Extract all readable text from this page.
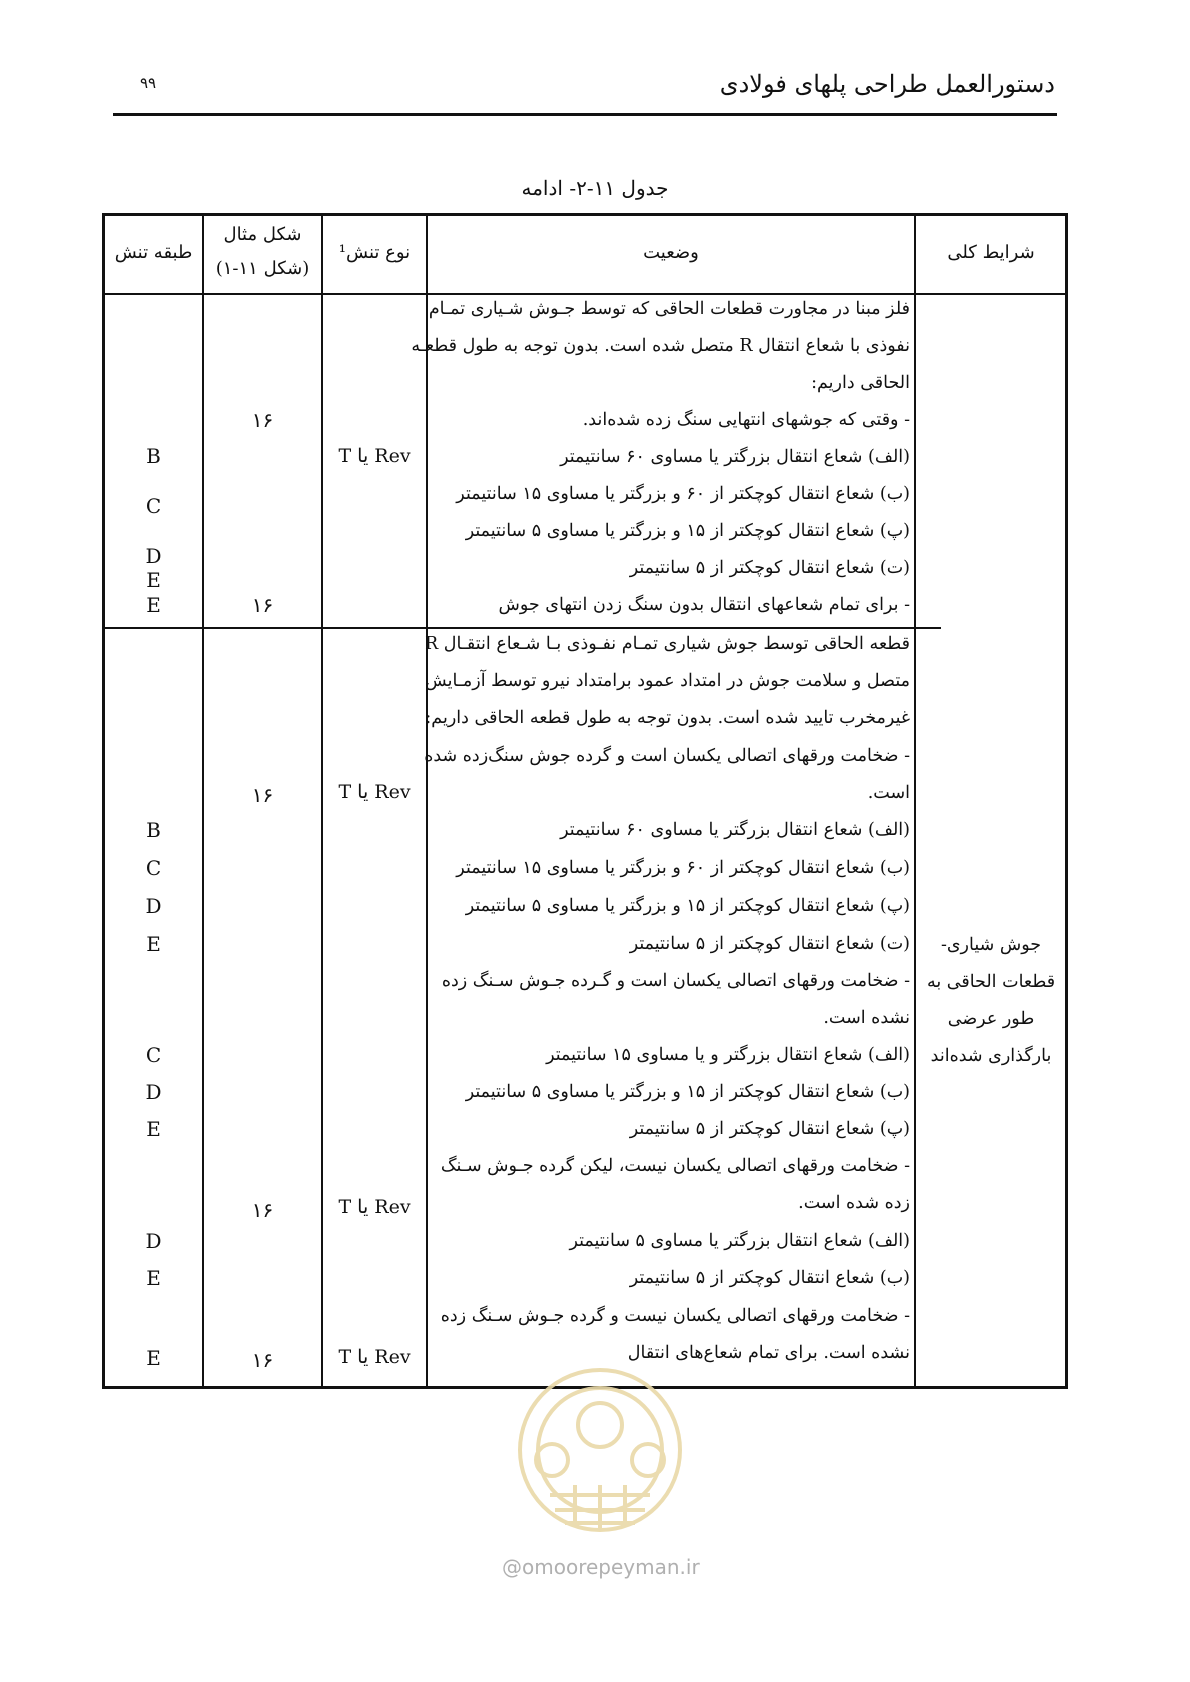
دستورالعمل طراحی پلهای فولادی
۹۹
جدول ۱۱-۲- ادامه
شرایط کلی
وضعیت
نوع تنش¹
شکل مثال
(شکل ۱۱-۱)
طبقه تنش
فلز مبنا در مجاورت قطعات الحاقی که توسط جـوش شـیاری تمـام
نفوذی با شعاع انتقال R متصل شده است. بدون توجه به طول قطعـه
الحاقی داریم:
- وقتی که جوشهای انتهایی سنگ زده شده‌اند.
(الف) شعاع انتقال بزرگتر یا مساوی ۶۰ سانتیمتر
(ب) شعاع انتقال کوچکتر از ۶۰ و بزرگتر یا مساوی ۱۵ سانتیمتر
(پ) شعاع انتقال کوچکتر از ۱۵ و بزرگتر یا مساوی ۵ سانتیمتر
(ت) شعاع انتقال کوچکتر از ۵ سانتیمتر
- برای تمام شعاعهای انتقال بدون سنگ زدن انتهای جوش
T یا Rev
۱۶
۱۶
B
C
D
E
E
جوش شیاری-
قطعات الحاقی به
طور عرضی
بارگذاری شده‌اند
قطعه الحاقی توسط جوش شیاری تمـام نفـوذی بـا شـعاع انتقـال R
متصل و سلامت جوش در امتداد عمود برامتداد نیرو توسط آزمـایش
غیرمخرب تایید شده است. بدون توجه به طول قطعه الحاقی داریم:
- ضخامت ورقهای اتصالی یکسان است و گرده جوش سنگ‌زده شده
است.
(الف) شعاع انتقال بزرگتر یا مساوی ۶۰ سانتیمتر
(ب) شعاع انتقال کوچکتر از ۶۰ و بزرگتر یا مساوی ۱۵ سانتیمتر
(پ) شعاع انتقال کوچکتر از ۱۵ و بزرگتر یا مساوی ۵ سانتیمتر
(ت) شعاع انتقال کوچکتر از ۵ سانتیمتر
- ضخامت ورقهای اتصالی یکسان است و گـرده جـوش سـنگ زده
نشده است.
(الف) شعاع انتقال بزرگتر و یا مساوی ۱۵ سانتیمتر
(ب) شعاع انتقال کوچکتر از ۱۵ و بزرگتر یا مساوی ۵ سانتیمتر
(پ) شعاع انتقال کوچکتر از ۵ سانتیمتر
- ضخامت ورقهای اتصالی یکسان نیست، لیکن گرده جـوش سـنگ
زده شده است.
(الف) شعاع انتقال بزرگتر یا مساوی ۵ سانتیمتر
(ب) شعاع انتقال کوچکتر از ۵ سانتیمتر
- ضخامت ورقهای اتصالی یکسان نیست و گرده جـوش سـنگ زده
نشده است. برای تمام شعاع‌های انتقال
T یا Rev
T یا Rev
T یا Rev
۱۶
۱۶
۱۶
B
C
D
E
C
D
E
D
E
E
@omoorepeyman.ir
